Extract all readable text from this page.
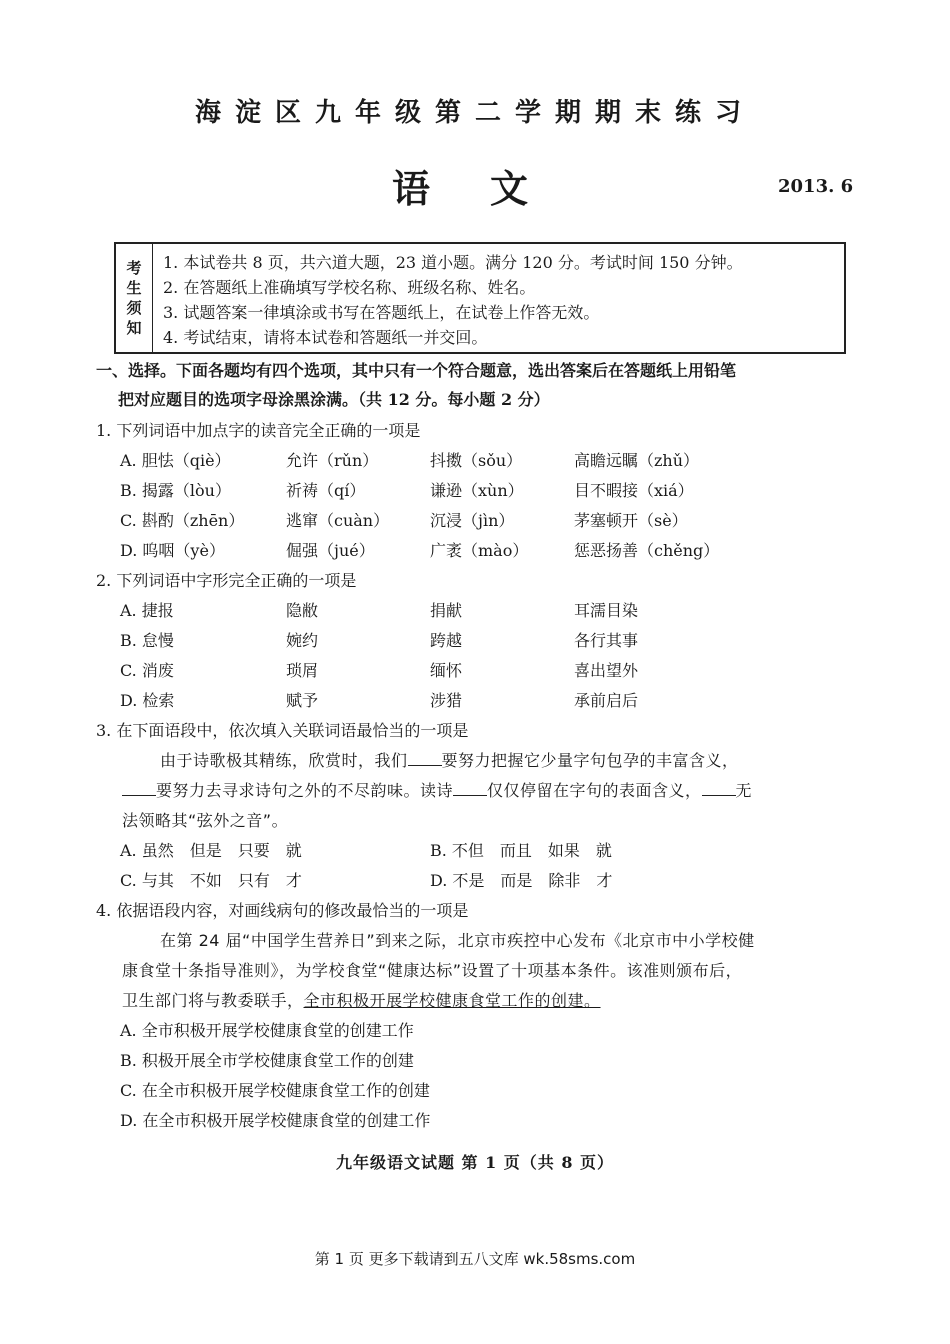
海淀区九年级第二学期期末练习
语文	2013. 6
考
生
须
知
1. 本试卷共 8 页，共六道大题，23 道小题。满分 120 分。考试时间 150 分钟。
2. 在答题纸上准确填写学校名称、班级名称、姓名。
3. 试题答案一律填涂或书写在答题纸上，在试卷上作答无效。
4. 考试结束，请将本试卷和答题纸一并交回。
一、选择。下面各题均有四个选项，其中只有一个符合题意，选出答案后在答题纸上用铅笔
把对应题目的选项字母涂黑涂满。（共 12 分。每小题 2 分）
1. 下列词语中加点字的读音完全正确的一项是
A. 胆怯（qiè）	允许（rǔn）	抖擞（sǒu）	高瞻远瞩（zhǔ）
B. 揭露（lòu）	祈祷（qí）	谦逊（xùn）	目不暇接（xiá）
C. 斟酌（zhēn）	逃窜（cuàn）	沉浸（jìn）	茅塞顿开（sè）
D. 呜咽（yè）	倔强（jué）	广袤（mào）	惩恶扬善（chěng）
2. 下列词语中字形完全正确的一项是
A. 捷报	隐敝	捐献	耳濡目染
B. 怠慢	婉约	跨越	各行其事
C. 消废	琐屑	缅怀	喜出望外
D. 检索	赋予	涉猎	承前启后
3. 在下面语段中，依次填入关联词语最恰当的一项是
由于诗歌极其精练，欣赏时，我们 要努力把握它少量字句包孕的丰富含义，
要努力去寻求诗句之外的不尽韵味。读诗 仅仅停留在字句的表面含义， 无
法领略其“弦外之音”。
A. 虽然　但是　只要　就	B. 不但　而且　如果　就
C. 与其　不如　只有　才	D. 不是　而是　除非　才
4. 依据语段内容，对画线病句的修改最恰当的一项是
在第 24 届“中国学生营养日”到来之际，北京市疾控中心发布《北京市中小学校健
康食堂十条指导准则》，为学校食堂“健康达标”设置了十项基本条件。该准则颁布后，
卫生部门将与教委联手，全市积极开展学校健康食堂工作的创建。
A. 全市积极开展学校健康食堂的创建工作
B. 积极开展全市学校健康食堂工作的创建
C. 在全市积极开展学校健康食堂工作的创建
D. 在全市积极开展学校健康食堂的创建工作
九年级语文试题 第 1 页（共 8 页）
第 1 页 更多下载请到五八文库 wk.58sms.com
